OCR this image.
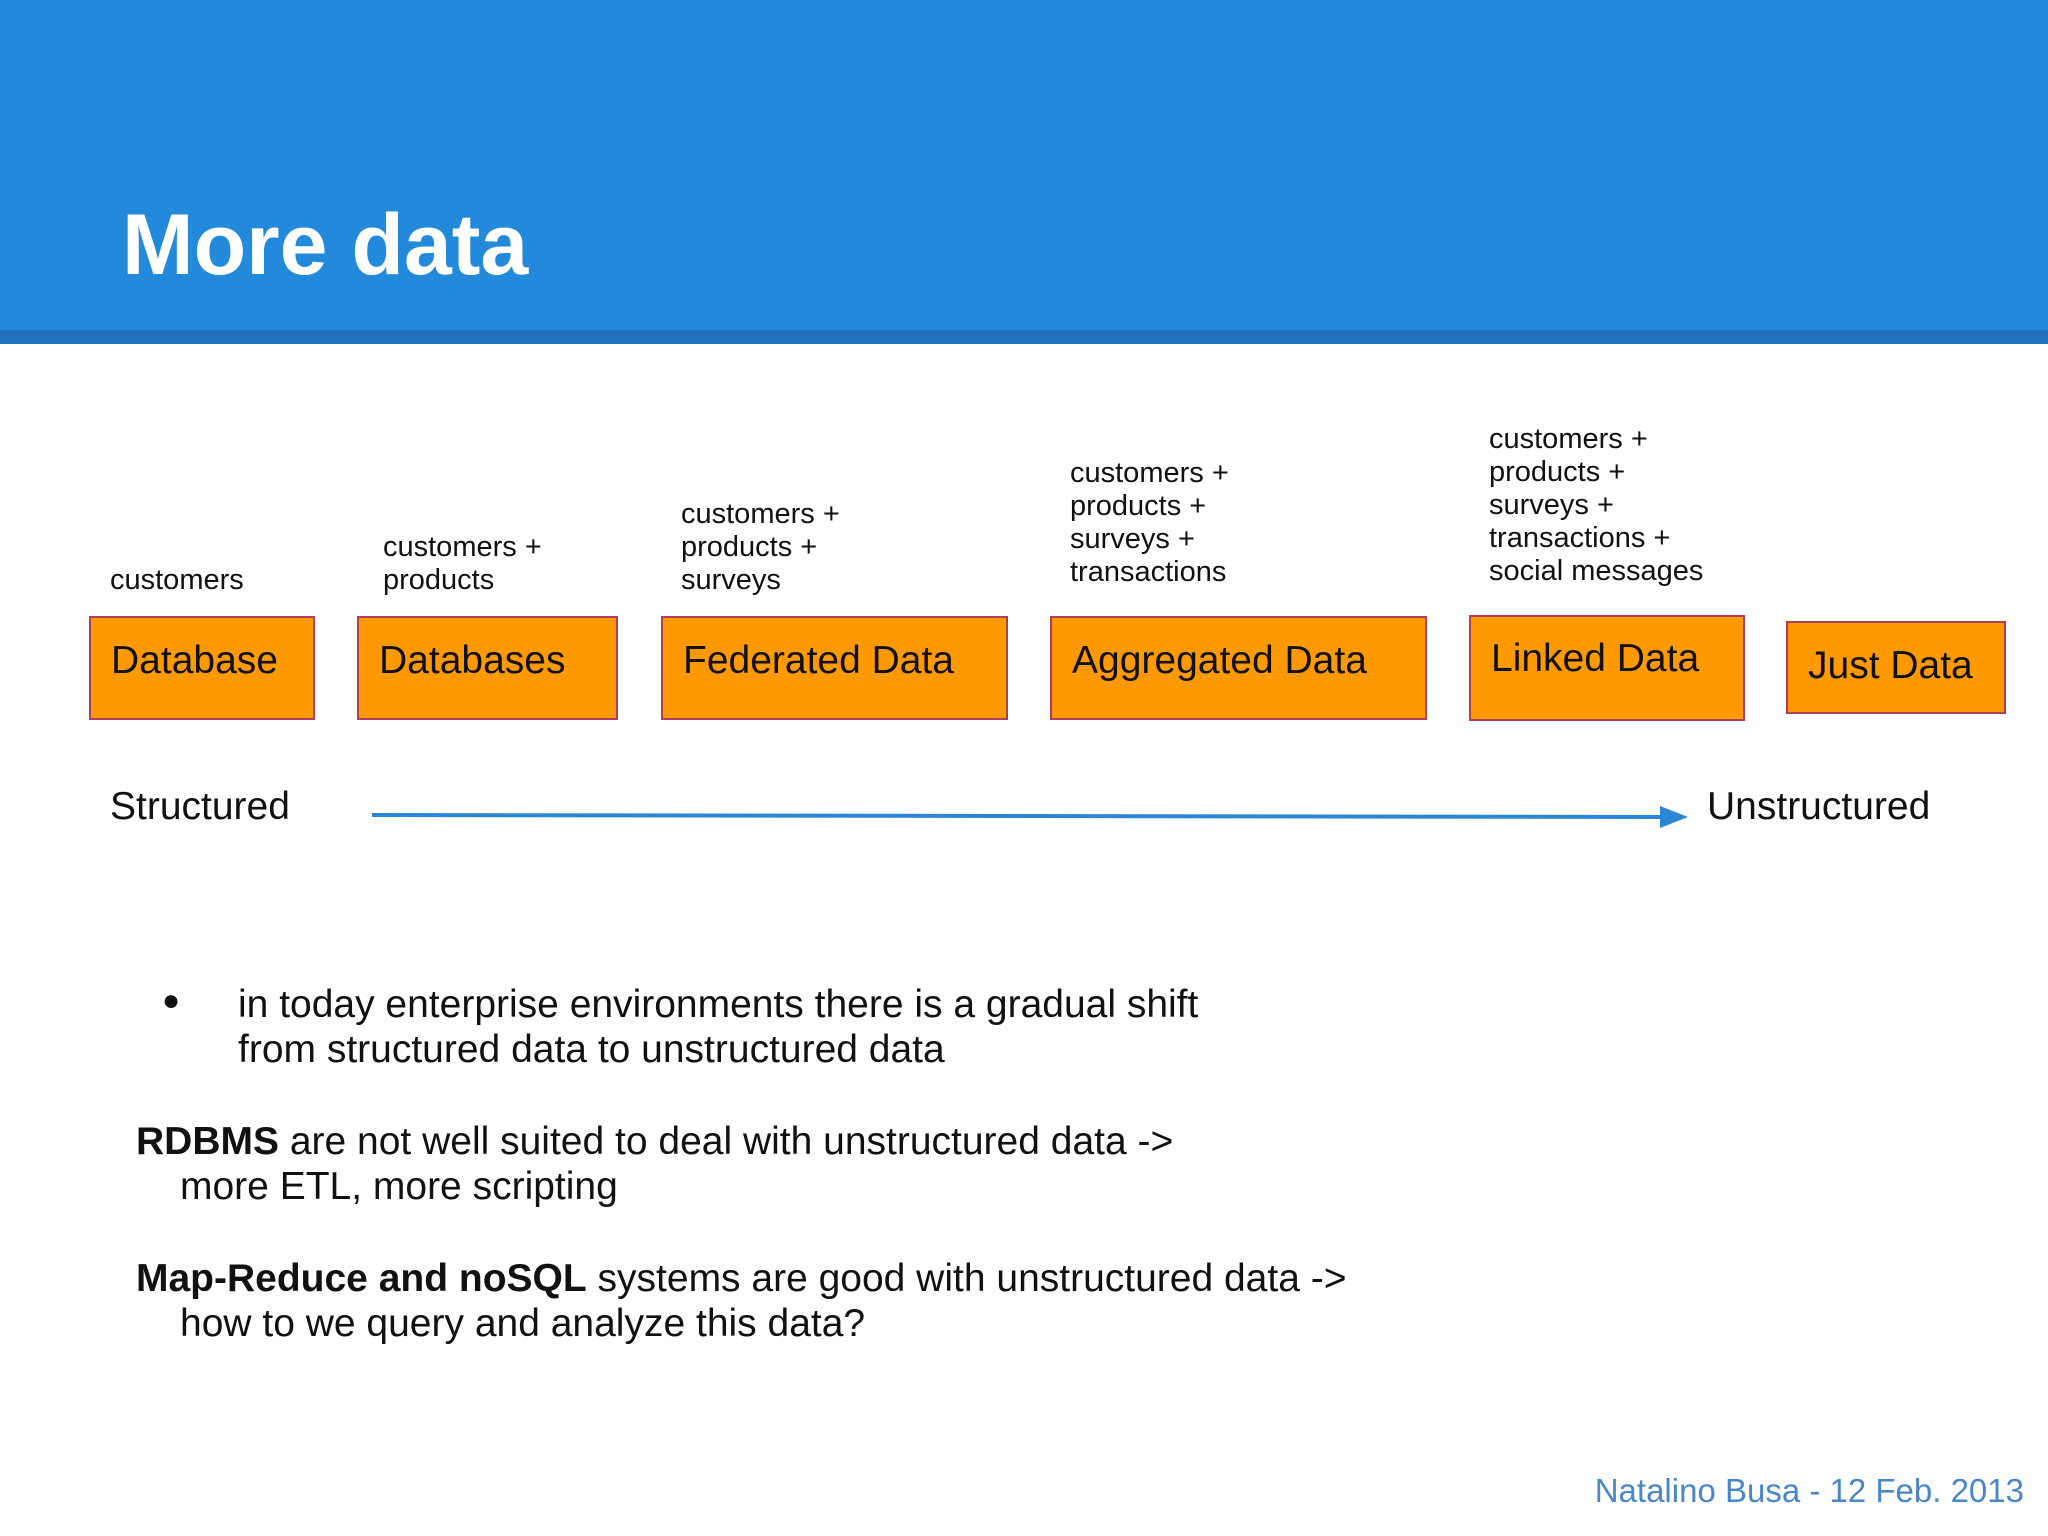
More data
customers
customers +
products
customers +
products +
surveys
customers +
products +
surveys +
transactions
customers +
products +
surveys +
transactions +
social messages
Database	Databases	Federated Data	Aggregated Data	Linked Data	Just Data
Structured	Unstructured
● in today enterprise environments there is a gradual shift
from structured data to unstructured data
RDBMS are not well suited to deal with unstructured data ->
more ETL, more scripting
Map-Reduce and noSQL systems are good with unstructured data ->
how to we query and analyze this data?
Natalino Busa - 12 Feb. 2013
